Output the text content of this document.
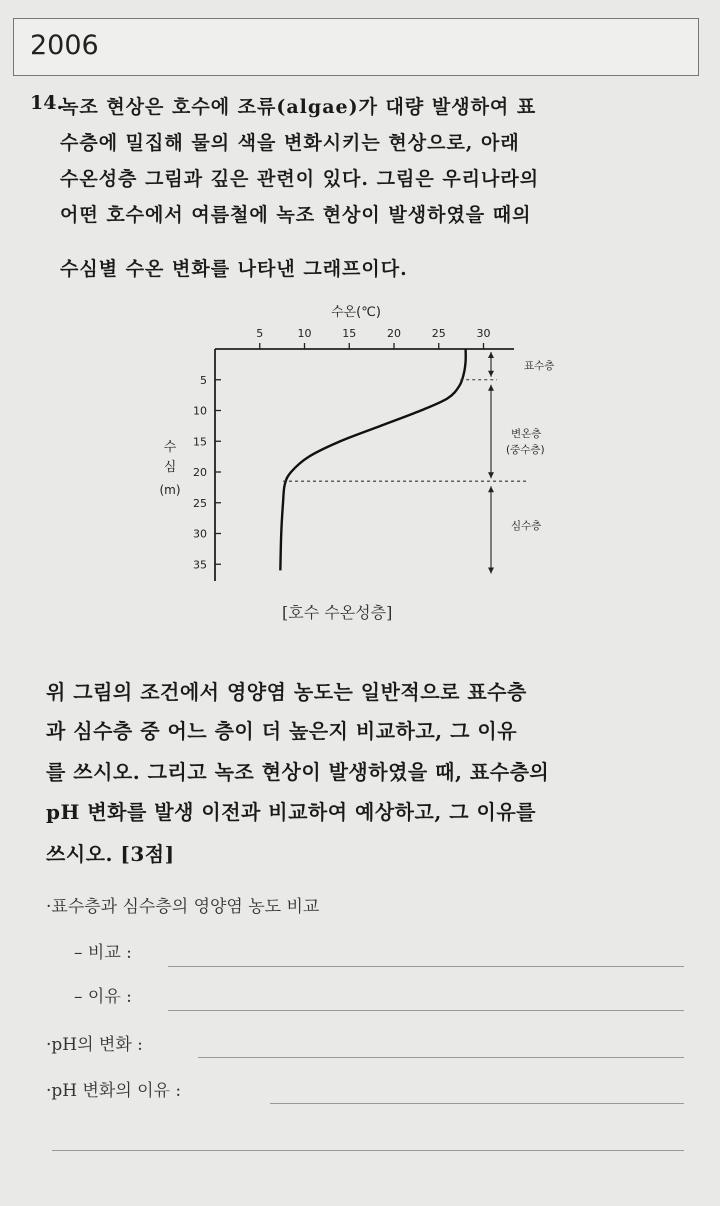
2006
14.
녹조 현상은 호수에 조류(algae)가 대량 발생하여 표
수층에 밀집해 물의 색을 변화시키는 현상으로, 아래
수온성층 그림과 깊은 관련이 있다. 그림은 우리나라의
어떤 호수에서 여름철에 녹조 현상이 발생하였을 때의
수심별 수온 변화를 나타낸 그래프이다.
수온(℃)
5	10	15	20	25	30
5
10
15
20
25
30
35
수
심
(m)
표수층
변온층
(중수층)
심수층
[호수 수온성층]
위 그림의 조건에서 영양염 농도는 일반적으로 표수층
과 심수층 중 어느 층이 더 높은지 비교하고, 그 이유
를 쓰시오. 그리고 녹조 현상이 발생하였을 때, 표수층의
pH 변화를 발생 이전과 비교하여 예상하고, 그 이유를
쓰시오. [3점]
·표수층과 심수층의 영양염 농도 비교
– 비교 :
– 이유 :
·pH의 변화 :
·pH 변화의 이유 :
